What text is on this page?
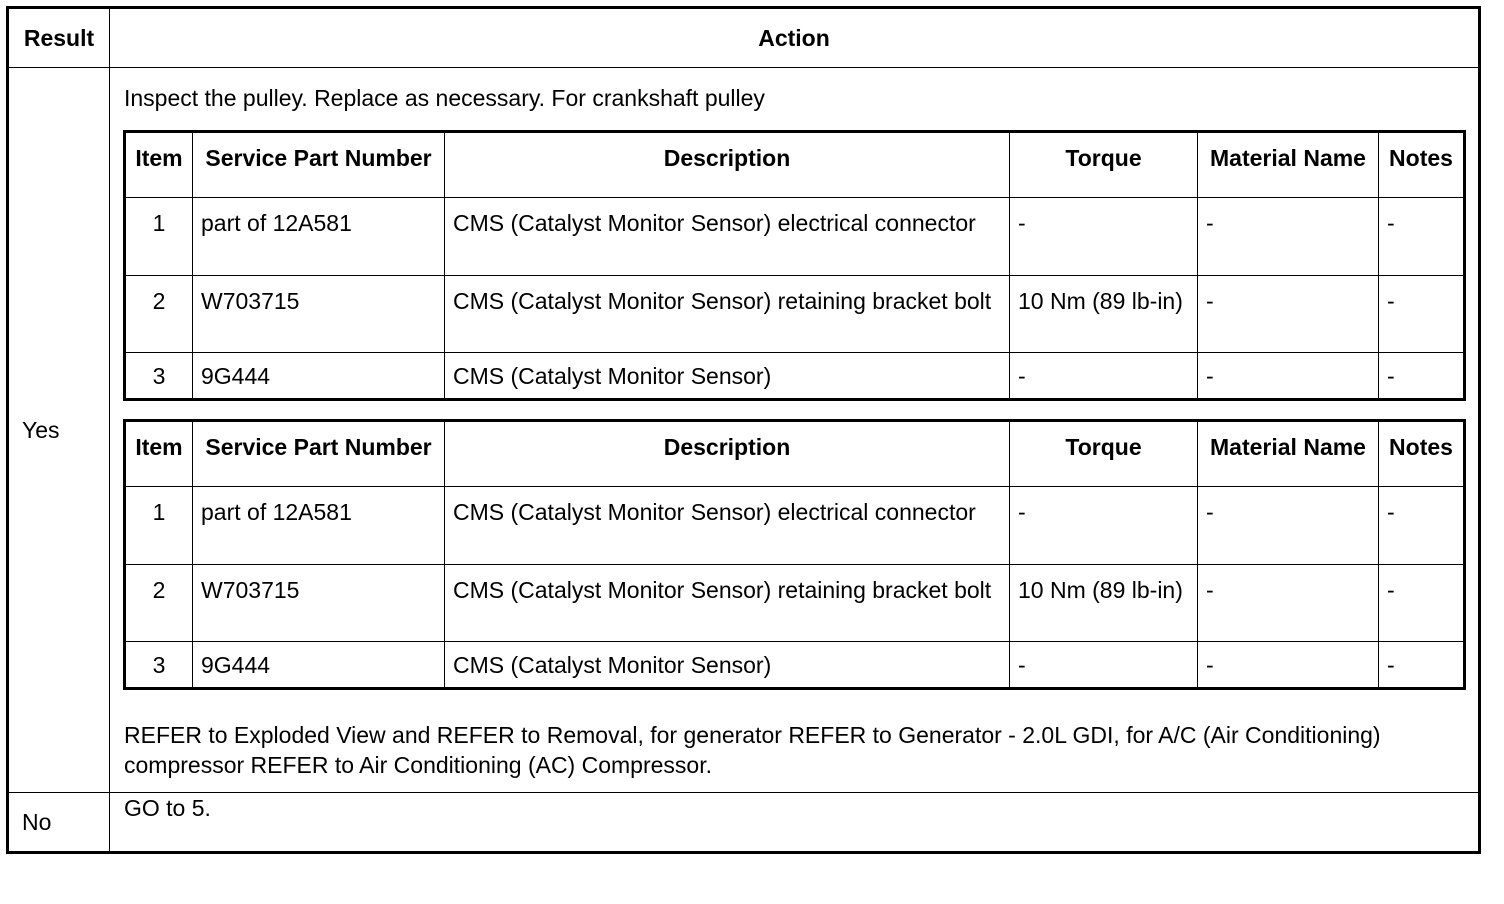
Result	Action
Yes	
Inspect the pulley. Replace as necessary. For crankshaft pulley
Item	Service Part Number	Description	Torque	Material Name	Notes
1	part of 12A581	CMS (Catalyst Monitor Sensor) electrical connector	-	-	-
2	W703715	CMS (Catalyst Monitor Sensor) retaining bracket bolt	10 Nm (89 lb-in)	-	-
3	9G444	CMS (Catalyst Monitor Sensor)	-	-	-
Item	Service Part Number	Description	Torque	Material Name	Notes
1	part of 12A581	CMS (Catalyst Monitor Sensor) electrical connector	-	-	-
2	W703715	CMS (Catalyst Monitor Sensor) retaining bracket bolt	10 Nm (89 lb-in)	-	-
3	9G444	CMS (Catalyst Monitor Sensor)	-	-	-
REFER to Exploded View and REFER to Removal, for generator REFER to Generator - 2.0L GDI, for A/C (Air Conditioning) compressor REFER to Air Conditioning (AC) Compressor.

No	GO to 5.
